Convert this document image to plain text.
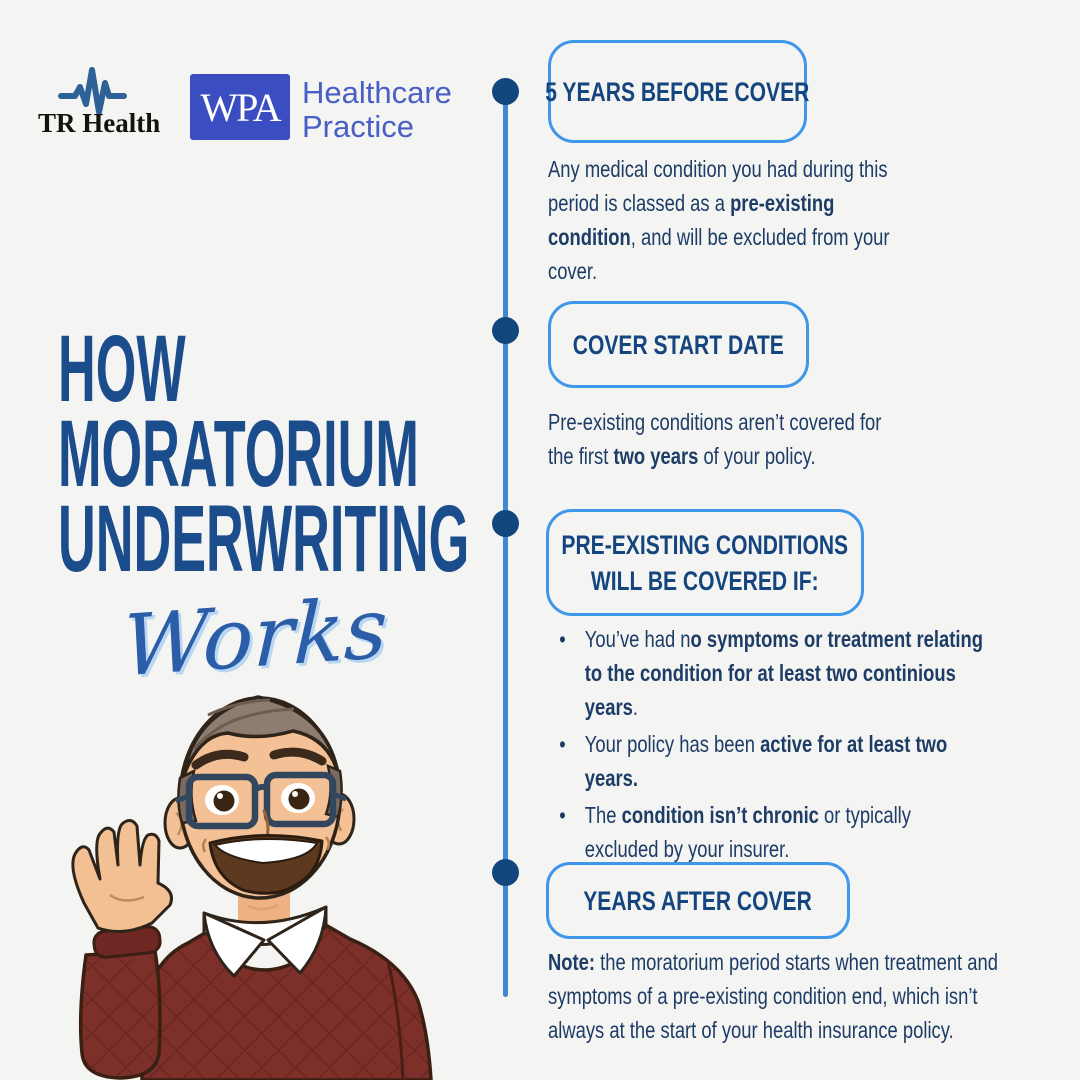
TR Health WPA Healthcare
Practice
HOW
MORATORIUM
UNDERWRITING
Works
5 YEARS BEFORE COVER
Any medical condition you had during this period is classed as a pre-existing condition, and will be excluded from your cover.
COVER START DATE
Pre-existing conditions aren’t covered for the first two years of your policy.
PRE-EXISTING CONDITIONS
WILL BE COVERED IF:
• You’ve had no symptoms or treatment relating to the condition for at least two continious years.
• Your policy has been active for at least two years.
• The condition isn’t chronic or typically excluded by your insurer.
YEARS AFTER COVER
Note: the moratorium period starts when treatment and symptoms of a pre-existing condition end, which isn’t always at the start of your health insurance policy.
